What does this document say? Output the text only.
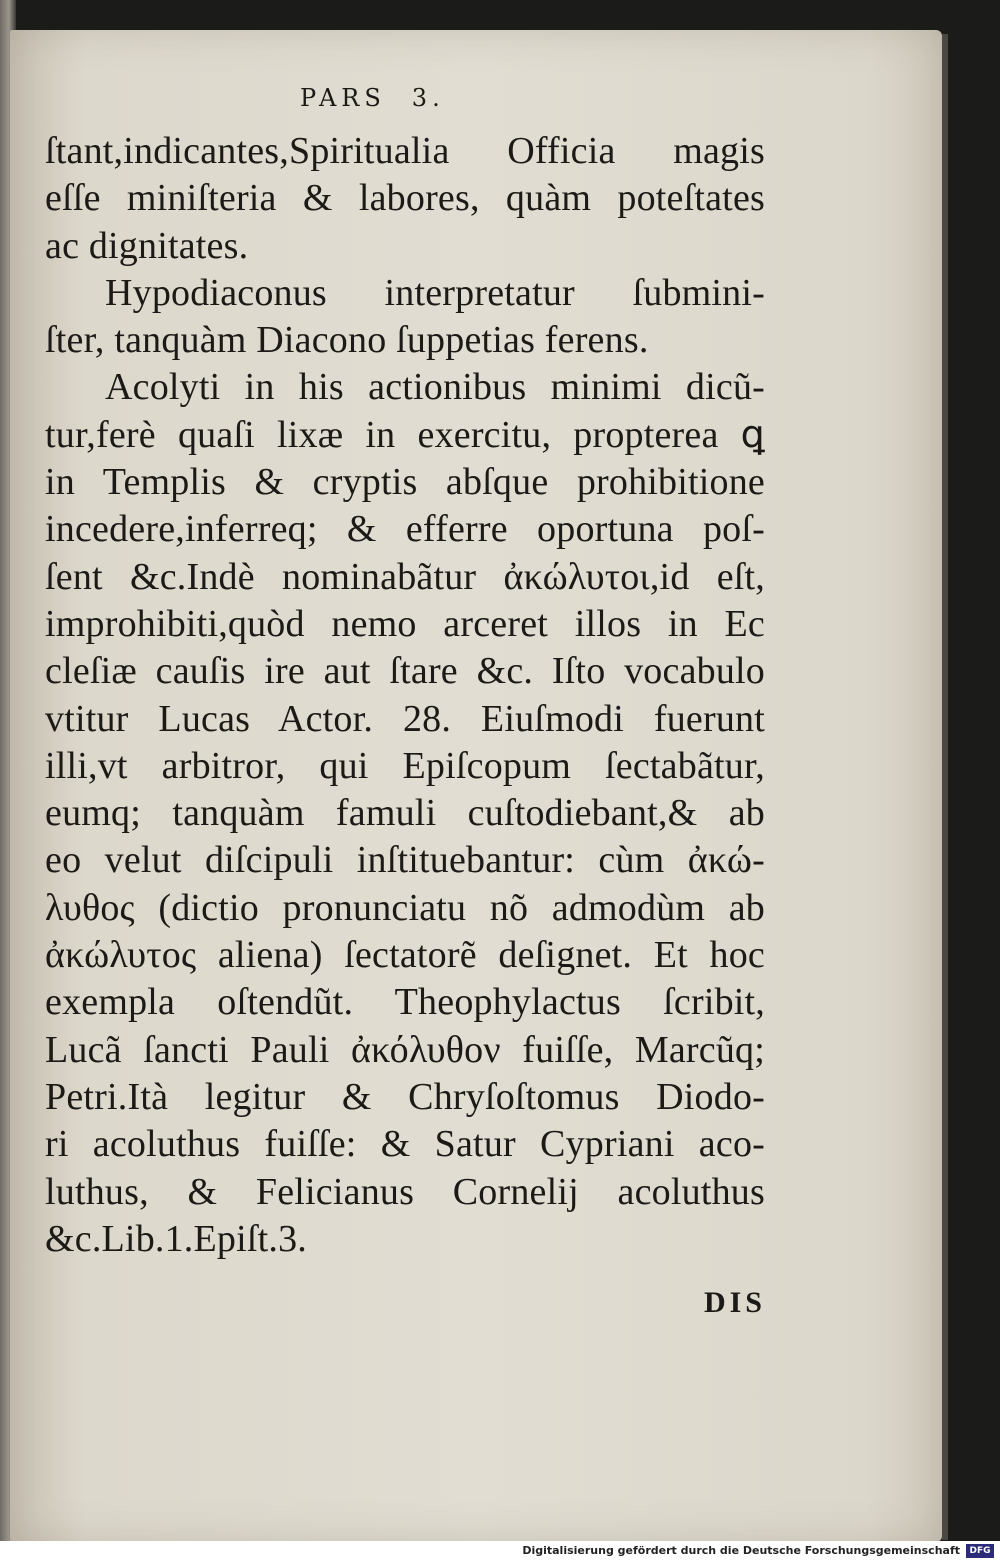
PARS 3.
ſtant,indicantes,Spiritualia Officia magis
eſſe miniſteria & labores, quàm poteſtates
ac dignitates.
Hypodiaconus interpretatur ſubmini-
ſter, tanquàm Diacono ſuppetias ferens.
Acolyti in his actionibus minimi dicũ-
tur,ferè quaſi lixæ in exercitu, propterea ꝗ
in Templis & cryptis abſque prohibitione
incedere,inferreq; & efferre oportuna poſ-
ſent &c.Indè nominabãtur ἀκώλυτοι,id eſt,
improhibiti,quòd nemo arceret illos in Ec
cleſiæ cauſis ire aut ſtare &c. Iſto vocabulo
vtitur Lucas Actor. 28. Eiuſmodi fuerunt
illi,vt arbitror, qui Epiſcopum ſectabãtur,
eumq; tanquàm famuli cuſtodiebant,& ab
eo velut diſcipuli inſtituebantur: cùm ἀκώ-
λυθος (dictio pronunciatu nõ admodùm ab
ἀκώλυτος aliena) ſectatorẽ deſignet. Et hoc
exempla oſtendũt. Theophylactus ſcribit,
Lucã ſancti Pauli ἀκόλυθον fuiſſe, Marcũq;
Petri.Ità legitur & Chryſoſtomus Diodo-
ri acoluthus fuiſſe: & Satur Cypriani aco-
luthus, & Felicianus Cornelij acoluthus
&c.Lib.1.Epiſt.3.
DIS
Digitalisierung gefördert durch die Deutsche Forschungsgemeinschaft	DFG
